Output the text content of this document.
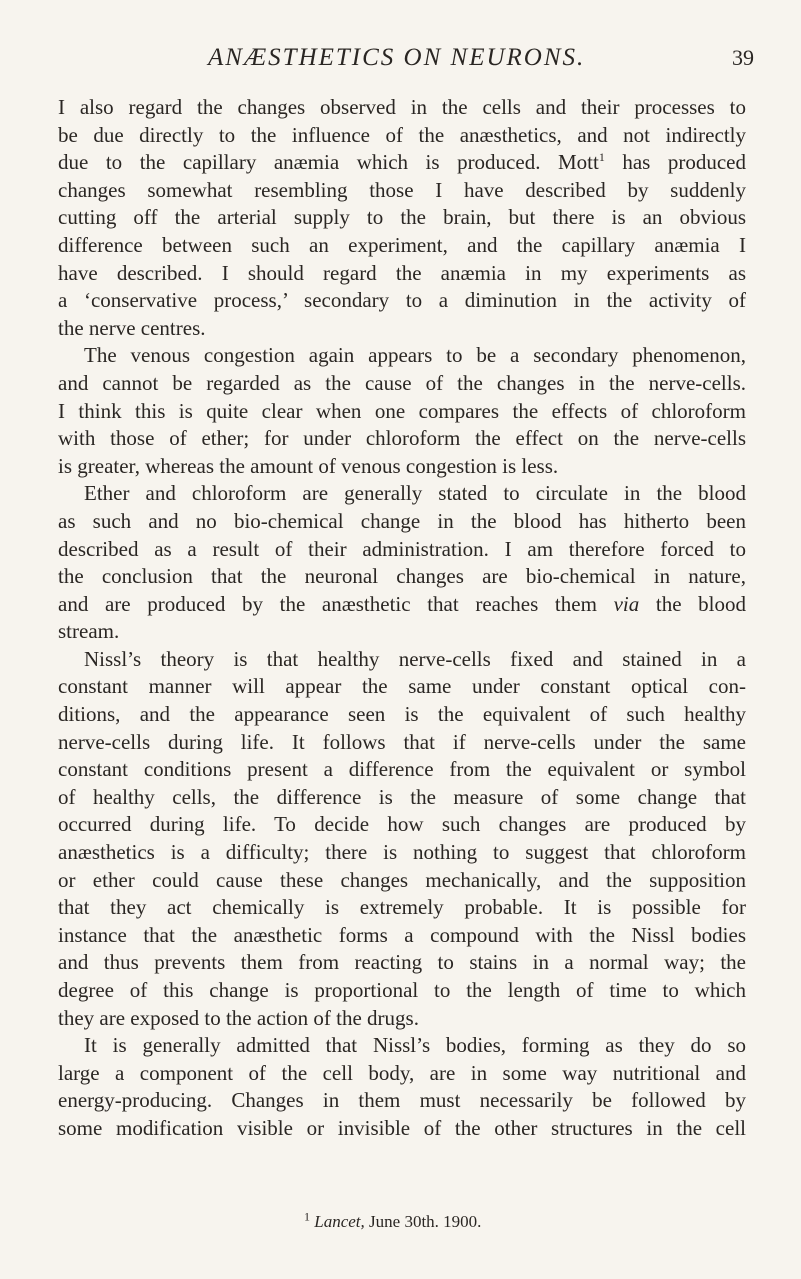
ANÆSTHETICS ON NEURONS.	39
I also regard the changes observed in the cells and their processes to
be due directly to the influence of the anæsthetics, and not indirectly
due to the capillary anæmia which is produced. Mott$^1$ has produced
changes somewhat resembling those I have described by suddenly
cutting off the arterial supply to the brain, but there is an obvious
difference between such an experiment, and the capillary anæmia I
have described. I should regard the anæmia in my experiments as
a ‘conservative process,’ secondary to a diminution in the activity of
the nerve centres.
The venous congestion again appears to be a secondary phenomenon,
and cannot be regarded as the cause of the changes in the nerve-cells.
I think this is quite clear when one compares the effects of chloroform
with those of ether; for under chloroform the effect on the nerve-cells
is greater, whereas the amount of venous congestion is less.
Ether and chloroform are generally stated to circulate in the blood
as such and no bio-chemical change in the blood has hitherto been
described as a result of their administration. I am therefore forced to
the conclusion that the neuronal changes are bio-chemical in nature,
and are produced by the anæsthetic that reaches them via the blood
stream.
Nissl’s theory is that healthy nerve-cells fixed and stained in a
constant manner will appear the same under constant optical con-
ditions, and the appearance seen is the equivalent of such healthy
nerve-cells during life. It follows that if nerve-cells under the same
constant conditions present a difference from the equivalent or symbol
of healthy cells, the difference is the measure of some change that
occurred during life. To decide how such changes are produced by
anæsthetics is a difficulty; there is nothing to suggest that chloroform
or ether could cause these changes mechanically, and the supposition
that they act chemically is extremely probable. It is possible for
instance that the anæsthetic forms a compound with the Nissl bodies
and thus prevents them from reacting to stains in a normal way; the
degree of this change is proportional to the length of time to which
they are exposed to the action of the drugs.
It is generally admitted that Nissl’s bodies, forming as they do so
large a component of the cell body, are in some way nutritional and
energy-producing. Changes in them must necessarily be followed by
some modification visible or invisible of the other structures in the cell
$^1$ Lancet, June 30th. 1900.
